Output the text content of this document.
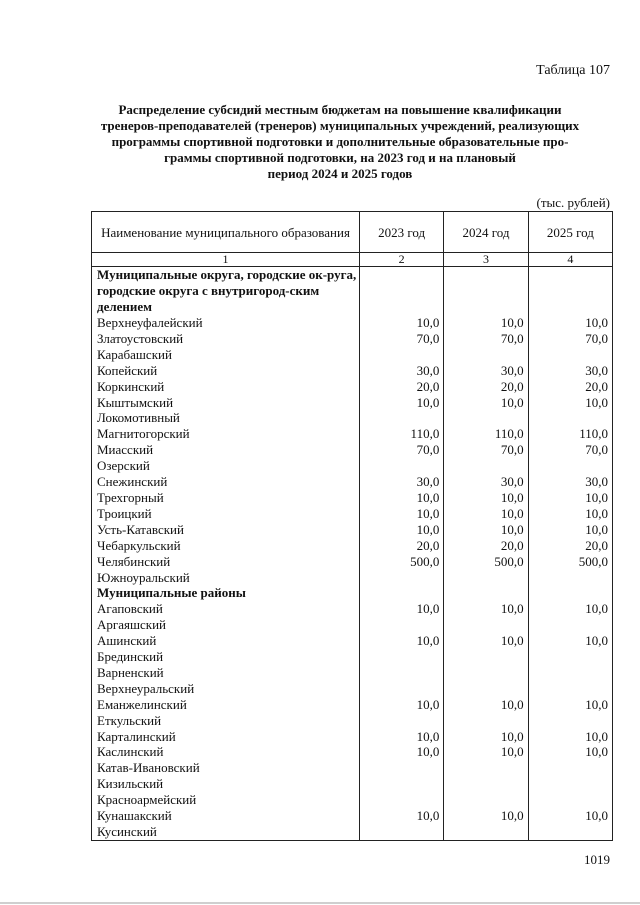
Таблица 107
Распределение субсидий местным бюджетам на повышение квалификации
тренеров-преподавателей (тренеров) муниципальных учреждений, реализующих
программы спортивной подготовки и дополнительные образовательные про-
граммы спортивной подготовки, на 2023 год и на плановый
период 2024 и 2025 годов
(тыс. рублей)
Наименование муниципального образования	2023 год	2024 год	2025 год
1	2	3	4
Муниципальные округа, городские ок-руга, городские округа с внутригород-ским делением			
Верхнеуфалейский	10,0	10,0	10,0
Златоустовский	70,0	70,0	70,0
Карабашский			
Копейский	30,0	30,0	30,0
Коркинский	20,0	20,0	20,0
Кыштымский	10,0	10,0	10,0
Локомотивный			
Магнитогорский	110,0	110,0	110,0
Миасский	70,0	70,0	70,0
Озерский			
Снежинский	30,0	30,0	30,0
Трехгорный	10,0	10,0	10,0
Троицкий	10,0	10,0	10,0
Усть-Катавский	10,0	10,0	10,0
Чебаркульский	20,0	20,0	20,0
Челябинский	500,0	500,0	500,0
Южноуральский			
Муниципальные районы			
Агаповский	10,0	10,0	10,0
Аргаяшский			
Ашинский	10,0	10,0	10,0
Брединский			
Варненский			
Верхнеуральский			
Еманжелинский	10,0	10,0	10,0
Еткульский			
Карталинский	10,0	10,0	10,0
Каслинский	10,0	10,0	10,0
Катав-Ивановский			
Кизильский			
Красноармейский			
Кунашакский	10,0	10,0	10,0
Кусинский			
1019
